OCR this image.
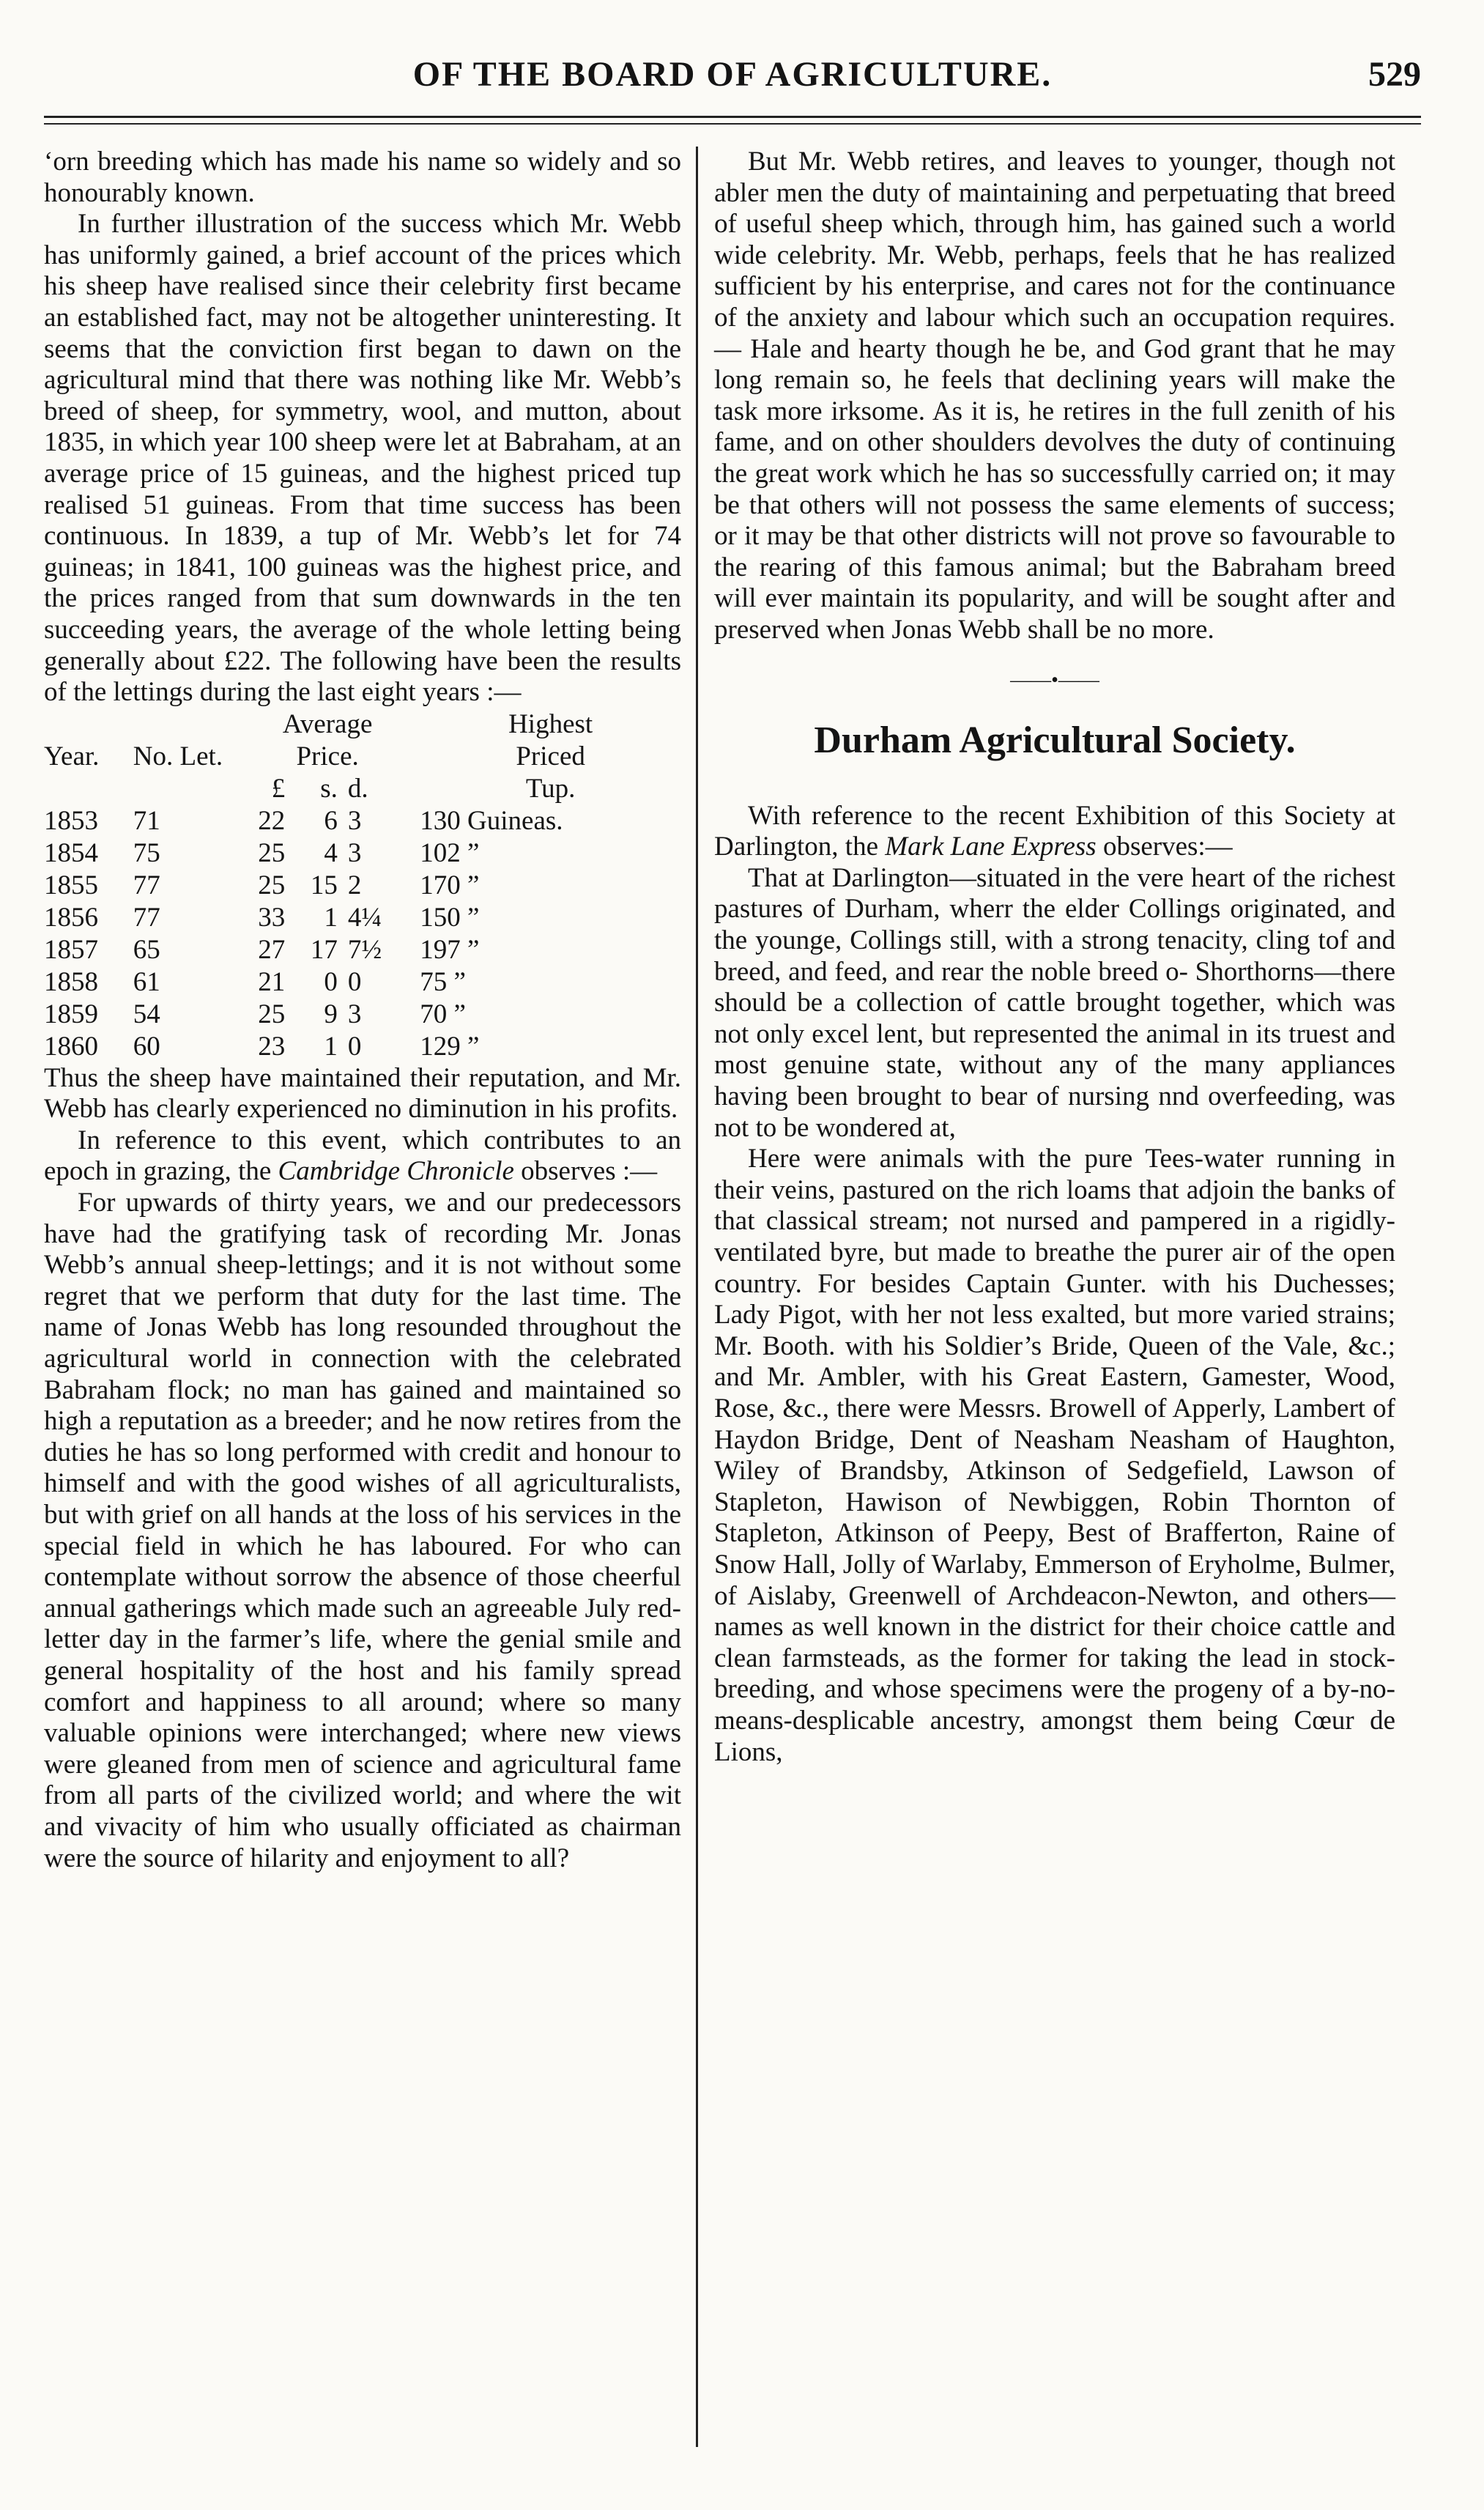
OF THE BOARD OF AGRICULTURE.	529

‘orn breeding which has made his name so widely and so honourably known.

In further illustration of the success which Mr. Webb has uniformly gained, a brief account of the prices which his sheep have realised since their celebrity first became an established fact, may not be altogether uninteresting. It seems that the conviction first began to dawn on the agricultural mind that there was nothing like Mr. Webb’s breed of sheep, for symmetry, wool, and mutton, about 1835, in which year 100 sheep were let at Babraham, at an average price of 15 guineas, and the highest priced tup realised 51 guineas. From that time success has been continuous. In 1839, a tup of Mr. Webb’s let for 74 guineas; in 1841, 100 guineas was the highest price, and the prices ranged from that sum downwards in the ten succeeding years, the average of the whole letting being generally about £22. The following have been the results of the lettings during the last eight years :—

		Average			Highest
Year.	No. Let.	Price.			Priced
		£	s.	d.	Tup.
1853	71	22	6	3	130 Guineas.
1854	75	25	4	3	102 ”
1855	77	25	15	2	170 ”
1856	77	33	1	4¼	150 ”
1857	65	27	17	7½	197 ”
1858	61	21	0	0	75 ”
1859	54	25	9	3	70 ”
1860	60	23	1	0	129 ”

Thus the sheep have maintained their reputation, and Mr. Webb has clearly experienced no diminution in his profits.

In reference to this event, which contributes to an epoch in grazing, the Cambridge Chronicle observes :—

For upwards of thirty years, we and our predecessors have had the gratifying task of recording Mr. Jonas Webb’s annual sheep-lettings; and it is not without some regret that we perform that duty for the last time. The name of Jonas Webb has long resounded throughout the agricultural world in connection with the celebrated Babraham flock; no man has gained and maintained so high a reputation as a breeder; and he now retires from the duties he has so long performed with credit and honour to himself and with the good wishes of all agriculturalists, but with grief on all hands at the loss of his services in the special field in which he has laboured. For who can contemplate without sorrow the absence of those cheerful annual gatherings which made such an agreeable July red-letter day in the farmer’s life, where the genial smile and general hospitality of the host and his family spread comfort and happiness to all around; where so many valuable opinions were interchanged; where new views were gleaned from men of science and agricultural fame from all parts of the civilized world; and where the wit and vivacity of him who usually officiated as chairman were the source of hilarity and enjoyment to all?

But Mr. Webb retires, and leaves to younger, though not abler men the duty of maintaining and perpetuating that breed of useful sheep which, through him, has gained such a world wide celebrity. Mr. Webb, perhaps, feels that he has realized sufficient by his enterprise, and cares not for the continuance of the anxiety and labour which such an occupation requires.— Hale and hearty though he be, and God grant that he may long remain so, he feels that declining years will make the task more irksome. As it is, he retires in the full zenith of his fame, and on other shoulders devolves the duty of continuing the great work which he has so successfully carried on; it may be that others will not possess the same elements of success; or it may be that other districts will not prove so favourable to the rearing of this famous animal; but the Babraham breed will ever maintain its popularity, and will be sought after and preserved when Jonas Webb shall be no more.

——•——
Durham Agricultural Society.

With reference to the recent Exhibition of this Society at Darlington, the Mark Lane Express observes:—

That at Darlington—situated in the vere heart of the richest pastures of Durham, wherr the elder Collings originated, and the younge, Collings still, with a strong tenacity, cling tof and breed, and feed, and rear the noble breed o- Shorthorns—there should be a collection of cattle brought together, which was not only excel lent, but represented the animal in its truest and most genuine state, without any of the many appliances having been brought to bear of nursing nnd overfeeding, was not to be wondered at,

Here were animals with the pure Tees-water running in their veins, pastured on the rich loams that adjoin the banks of that classical stream; not nursed and pampered in a rigidly-ventilated byre, but made to breathe the purer air of the open country. For besides Captain Gunter. with his Duchesses; Lady Pigot, with her not less exalted, but more varied strains; Mr. Booth. with his Soldier’s Bride, Queen of the Vale, &c.; and Mr. Ambler, with his Great Eastern, Gamester, Wood, Rose, &c., there were Messrs. Browell of Apperly, Lambert of Haydon Bridge, Dent of Neasham Neasham of Haughton, Wiley of Brandsby, Atkinson of Sedgefield, Lawson of Stapleton, Hawison of Newbiggen, Robin Thornton of Stapleton, Atkinson of Peepy, Best of Brafferton, Raine of Snow Hall, Jolly of Warlaby, Emmerson of Eryholme, Bulmer, of Aislaby, Greenwell of Archdeacon-Newton, and others—names as well known in the district for their choice cattle and clean farmsteads, as the former for taking the lead in stock-breeding, and whose specimens were the progeny of a by-no-means-desplicable ancestry, amongst them being Cœur de Lions,
